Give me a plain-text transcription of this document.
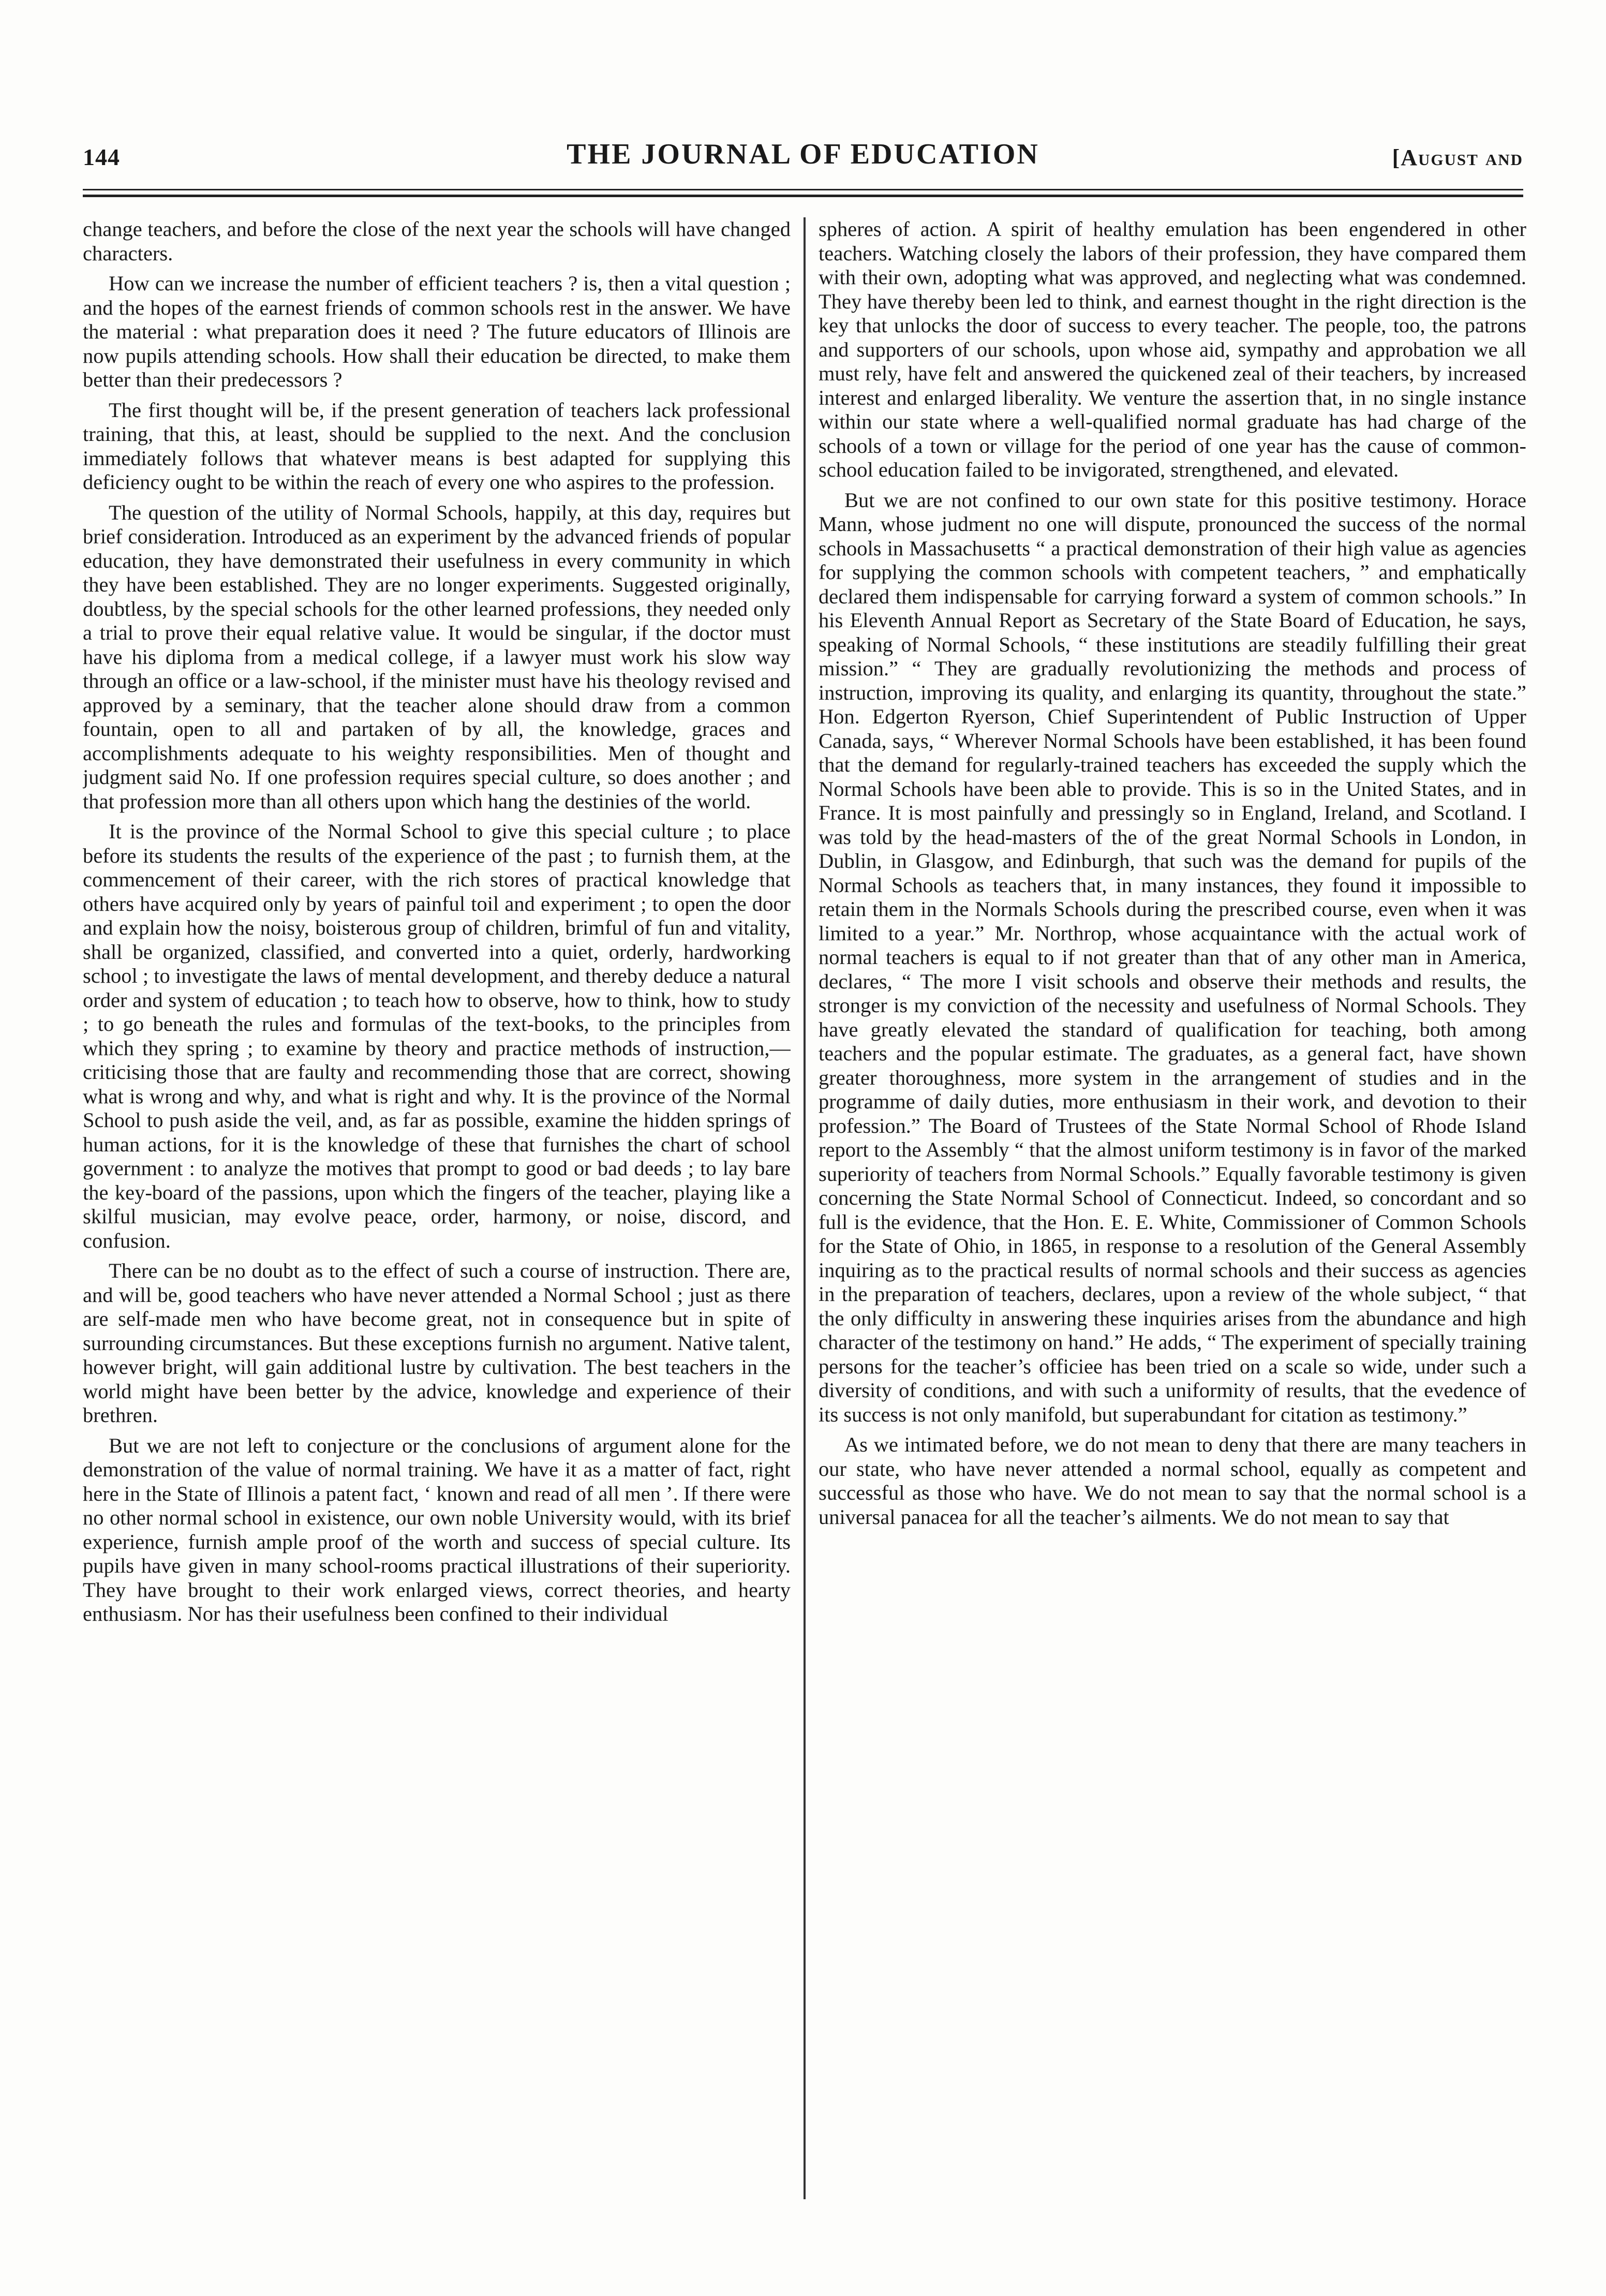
144	THE JOURNAL OF EDUCATION	[August and

change teachers, and before the close of the next year the schools will have changed characters.

How can we increase the number of efficient teachers ? is, then a vital question ; and the hopes of the earnest friends of common schools rest in the answer. We have the material : what preparation does it need ? The future educators of Illinois are now pupils attending schools. How shall their education be directed, to make them better than their predecessors ?

The first thought will be, if the present generation of teachers lack professional training, that this, at least, should be supplied to the next. And the conclusion immediately follows that whatever means is best adapted for supplying this deficiency ought to be within the reach of every one who aspires to the profession.

The question of the utility of Normal Schools, happily, at this day, requires but brief consideration. Introduced as an experiment by the advanced friends of popular education, they have demonstrated their usefulness in every community in which they have been established. They are no longer experiments. Suggested originally, doubtless, by the special schools for the other learned professions, they needed only a trial to prove their equal relative value. It would be singular, if the doctor must have his diploma from a medical college, if a lawyer must work his slow way through an office or a law-school, if the minister must have his theology revised and approved by a seminary, that the teacher alone should draw from a common fountain, open to all and partaken of by all, the knowledge, graces and accomplishments adequate to his weighty responsibilities. Men of thought and judgment said No. If one profession requires special culture, so does another ; and that profession more than all others upon which hang the destinies of the world.

It is the province of the Normal School to give this special culture ; to place before its students the results of the experience of the past ; to furnish them, at the commencement of their career, with the rich stores of practical knowledge that others have acquired only by years of painful toil and experiment ; to open the door and explain how the noisy, boisterous group of children, brimful of fun and vitality, shall be organized, classified, and converted into a quiet, orderly, hardworking school ; to investigate the laws of mental development, and thereby deduce a natural order and system of education ; to teach how to observe, how to think, how to study ; to go beneath the rules and formulas of the text-books, to the principles from which they spring ; to examine by theory and practice methods of instruction,—criticising those that are faulty and recommending those that are correct, showing what is wrong and why, and what is right and why. It is the province of the Normal School to push aside the veil, and, as far as possible, examine the hidden springs of human actions, for it is the knowledge of these that furnishes the chart of school government : to analyze the motives that prompt to good or bad deeds ; to lay bare the key-board of the passions, upon which the fingers of the teacher, playing like a skilful musician, may evolve peace, order, harmony, or noise, discord, and confusion.

There can be no doubt as to the effect of such a course of instruction. There are, and will be, good teachers who have never attended a Normal School ; just as there are self-made men who have become great, not in consequence but in spite of surrounding circumstances. But these exceptions furnish no argument. Native talent, however bright, will gain additional lustre by cultivation. The best teachers in the world might have been better by the advice, knowledge and experience of their brethren.

But we are not left to conjecture or the conclusions of argument alone for the demonstration of the value of normal training. We have it as a matter of fact, right here in the State of Illinois a patent fact, ‘ known and read of all men ’. If there were no other normal school in existence, our own noble University would, with its brief experience, furnish ample proof of the worth and success of special culture. Its pupils have given in many school-rooms practical illustrations of their superiority. They have brought to their work enlarged views, correct theories, and hearty enthusiasm. Nor has their usefulness been confined to their individual

spheres of action. A spirit of healthy emulation has been engendered in other teachers. Watching closely the labors of their profession, they have compared them with their own, adopting what was approved, and neglecting what was condemned. They have thereby been led to think, and earnest thought in the right direction is the key that unlocks the door of success to every teacher. The people, too, the patrons and supporters of our schools, upon whose aid, sympathy and approbation we all must rely, have felt and answered the quickened zeal of their teachers, by increased interest and enlarged liberality. We venture the assertion that, in no single instance within our state where a well-qualified normal graduate has had charge of the schools of a town or village for the period of one year has the cause of common-school education failed to be invigorated, strengthened, and elevated.

But we are not confined to our own state for this positive testimony. Horace Mann, whose judment no one will dispute, pronounced the success of the normal schools in Massachusetts “ a practical demonstration of their high value as agencies for supplying the common schools with competent teachers, ” and emphatically declared them indispensable for carrying forward a system of common schools.” In his Eleventh Annual Report as Secretary of the State Board of Education, he says, speaking of Normal Schools, “ these institutions are steadily fulfilling their great mission.” “ They are gradually revolutionizing the methods and process of instruction, improving its quality, and enlarging its quantity, throughout the state.” Hon. Edgerton Ryerson, Chief Superintendent of Public Instruction of Upper Canada, says, “ Wherever Normal Schools have been established, it has been found that the demand for regularly-trained teachers has exceeded the supply which the Normal Schools have been able to provide. This is so in the United States, and in France. It is most painfully and pressingly so in England, Ireland, and Scotland. I was told by the head-masters of the of the great Normal Schools in London, in Dublin, in Glasgow, and Edinburgh, that such was the demand for pupils of the Normal Schools as teachers that, in many instances, they found it impossible to retain them in the Normals Schools during the prescribed course, even when it was limited to a year.” Mr. Northrop, whose acquaintance with the actual work of normal teachers is equal to if not greater than that of any other man in America, declares, “ The more I visit schools and observe their methods and results, the stronger is my conviction of the necessity and usefulness of Normal Schools. They have greatly elevated the standard of qualification for teaching, both among teachers and the popular estimate. The graduates, as a general fact, have shown greater thoroughness, more system in the arrangement of studies and in the programme of daily duties, more enthusiasm in their work, and devotion to their profession.” The Board of Trustees of the State Normal School of Rhode Island report to the Assembly “ that the almost uniform testimony is in favor of the marked superiority of teachers from Normal Schools.” Equally favorable testimony is given concerning the State Normal School of Connecticut. Indeed, so concordant and so full is the evidence, that the Hon. E. E. White, Commissioner of Common Schools for the State of Ohio, in 1865, in response to a resolution of the General Assembly inquiring as to the practical results of normal schools and their success as agencies in the preparation of teachers, declares, upon a review of the whole subject, “ that the only difficulty in answering these inquiries arises from the abundance and high character of the testimony on hand.” He adds, “ The experiment of specially training persons for the teacher’s officiee has been tried on a scale so wide, under such a diversity of conditions, and with such a uniformity of results, that the evedence of its success is not only manifold, but superabundant for citation as testimony.”

As we intimated before, we do not mean to deny that there are many teachers in our state, who have never attended a normal school, equally as competent and successful as those who have. We do not mean to say that the normal school is a universal panacea for all the teacher’s ailments. We do not mean to say that
